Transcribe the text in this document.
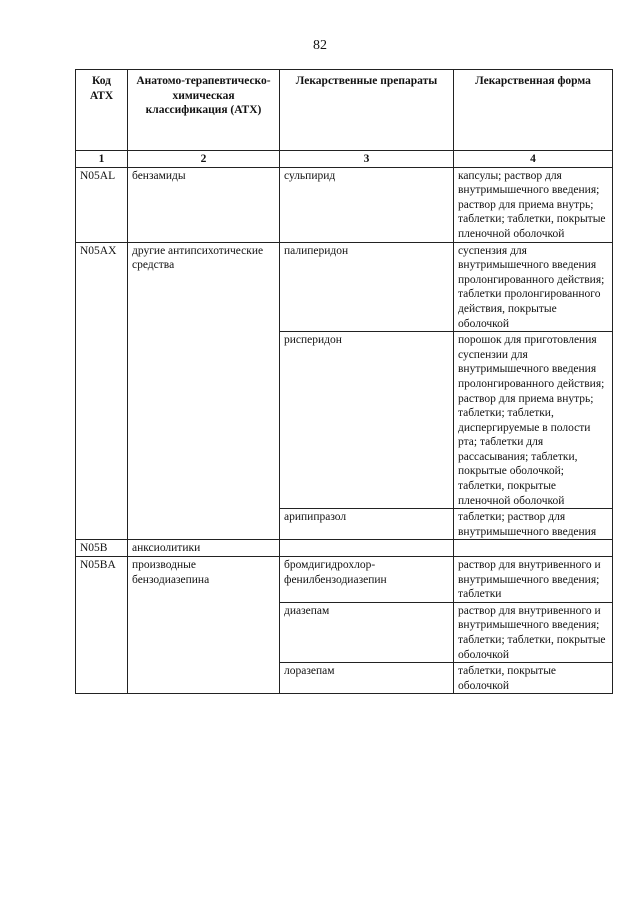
82
Код АТХ	Анатомо-терапевтическо-химическая классификация (АТХ)	Лекарственные препараты	Лекарственная форма
1	2	3	4
N05AL	бензамиды	сульпирид	капсулы; раствор для внутримышечного введения; раствор для приема внутрь; таблетки; таблетки, покрытые пленочной оболочкой
N05AX	другие антипсихотические средства	палиперидон	суспензия для внутримышечного введения пролонгированного действия; таблетки пролонгированного действия, покрытые оболочкой
		рисперидон	порошок для приготовления суспензии для внутримышечного введения пролонгированного действия; раствор для приема внутрь; таблетки; таблетки, диспергируемые в полости рта; таблетки для рассасывания; таблетки, покрытые оболочкой; таблетки, покрытые пленочной оболочкой
		арипипразол	таблетки; раствор для внутримышечного введения
N05B	анксиолитики		
N05BA	производные бензодиазепина	бромдигидрохлор-фенилбензодиазепин	раствор для внутривенного и внутримышечного введения; таблетки
		диазепам	раствор для внутривенного и внутримышечного введения; таблетки; таблетки, покрытые оболочкой
		лоразепам	таблетки, покрытые оболочкой
